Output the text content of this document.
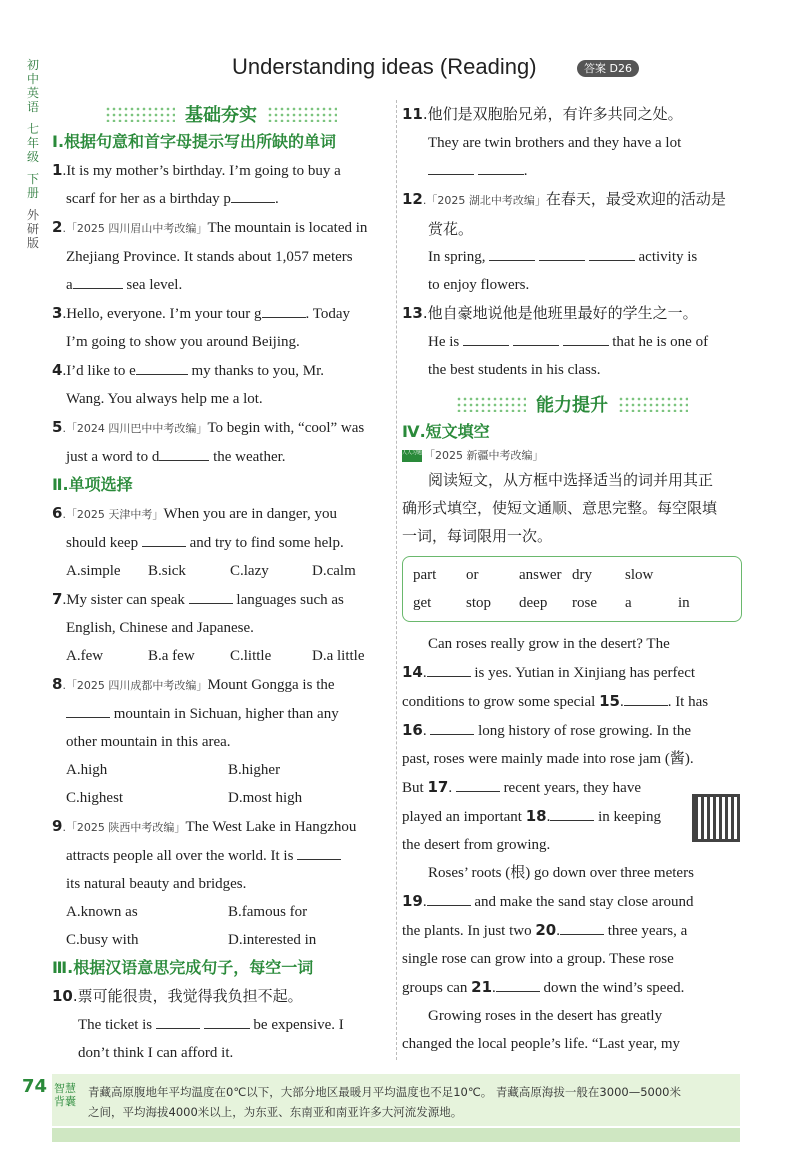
初中英语
七年级
下册
外研版
Understanding ideas (Reading)	答案 D26
基础夯实
Ⅰ.根据句意和首字母提示写出所缺的单词
1.It is my mother’s birthday. I’m going to buy a
scarf for her as a birthday p	.
2.「2025 四川眉山中考改编」The mountain is located in
Zhejiang Province. It stands about 1,057 meters
a	sea level.
3.Hello, everyone. I’m your tour g	. Today
I’m going to show you around Beijing.
4.I’d like to e	my thanks to you, Mr.
Wang. You always help me a lot.
5.「2024 四川巴中中考改编」To begin with, “cool” was
just a word to d	the weather.
Ⅱ.单项选择
6.「2025 天津中考」When you are in danger, you
should keep	and try to find some help.
A.simple	B.sick	C.lazy	D.calm
7.My sister can speak	languages such as
English, Chinese and Japanese.
A.few	B.a few	C.little	D.a little
8.「2025 四川成都中考改编」Mount Gongga is the
mountain in Sichuan, higher than any
other mountain in this area.
A.high	B.higher
C.highest	D.most high
9.「2025 陕西中考改编」The West Lake in Hangzhou
attracts people all over the world. It is
its natural beauty and bridges.
A.known as	B.famous for
C.busy with	D.interested in
Ⅲ.根据汉语意思完成句子，每空一词
10.票可能很贵，我觉得我负担不起。
The ticket is	be expensive. I
don’t think I can afford it.
11.他们是双胞胎兄弟，有许多共同之处。
They are twin brothers and they have a lot
.
12.「2025 湖北中考改编」在春天，最受欢迎的活动是
赏花。
In spring,	activity is
to enjoy flowers.
13.他自豪地说他是他班里最好的学生之一。
He is	that he is one of
the best students in his class.
能力提升
Ⅳ.短文填空
人人习题 「2025 新疆中考改编」
阅读短文，从方框中选择适当的词并用其正
确形式填空，使短文通顺、意思完整。每空限填
一词，每词限用一次。
part	or	answer dry	slow
get	stop	deep	rose	a	in
Can roses really grow in the desert? The
14.	is yes. Yutian in Xinjiang has perfect
conditions to grow some special 15.	. It has
16.	long history of rose growing. In the
past, roses were mainly made into rose jam (酱).
But 17.	recent years, they have
played an important 18.	in keeping
the desert from growing.
Roses’ roots (根) go down over three meters
19.	and make the sand stay close around
the plants. In just two 20.	three years, a
single rose can grow into a group. These rose
groups can 21.	down the wind’s speed.
Growing roses in the desert has greatly
changed the local people’s life. “Last year, my
74 智慧背囊
青藏高原腹地年平均温度在0℃以下，大部分地区最暖月平均温度也不足10℃。 青藏高原海拔一般在3000—5000米
之间，平均海拔4000米以上，为东亚、东南亚和南亚许多大河流发源地。
